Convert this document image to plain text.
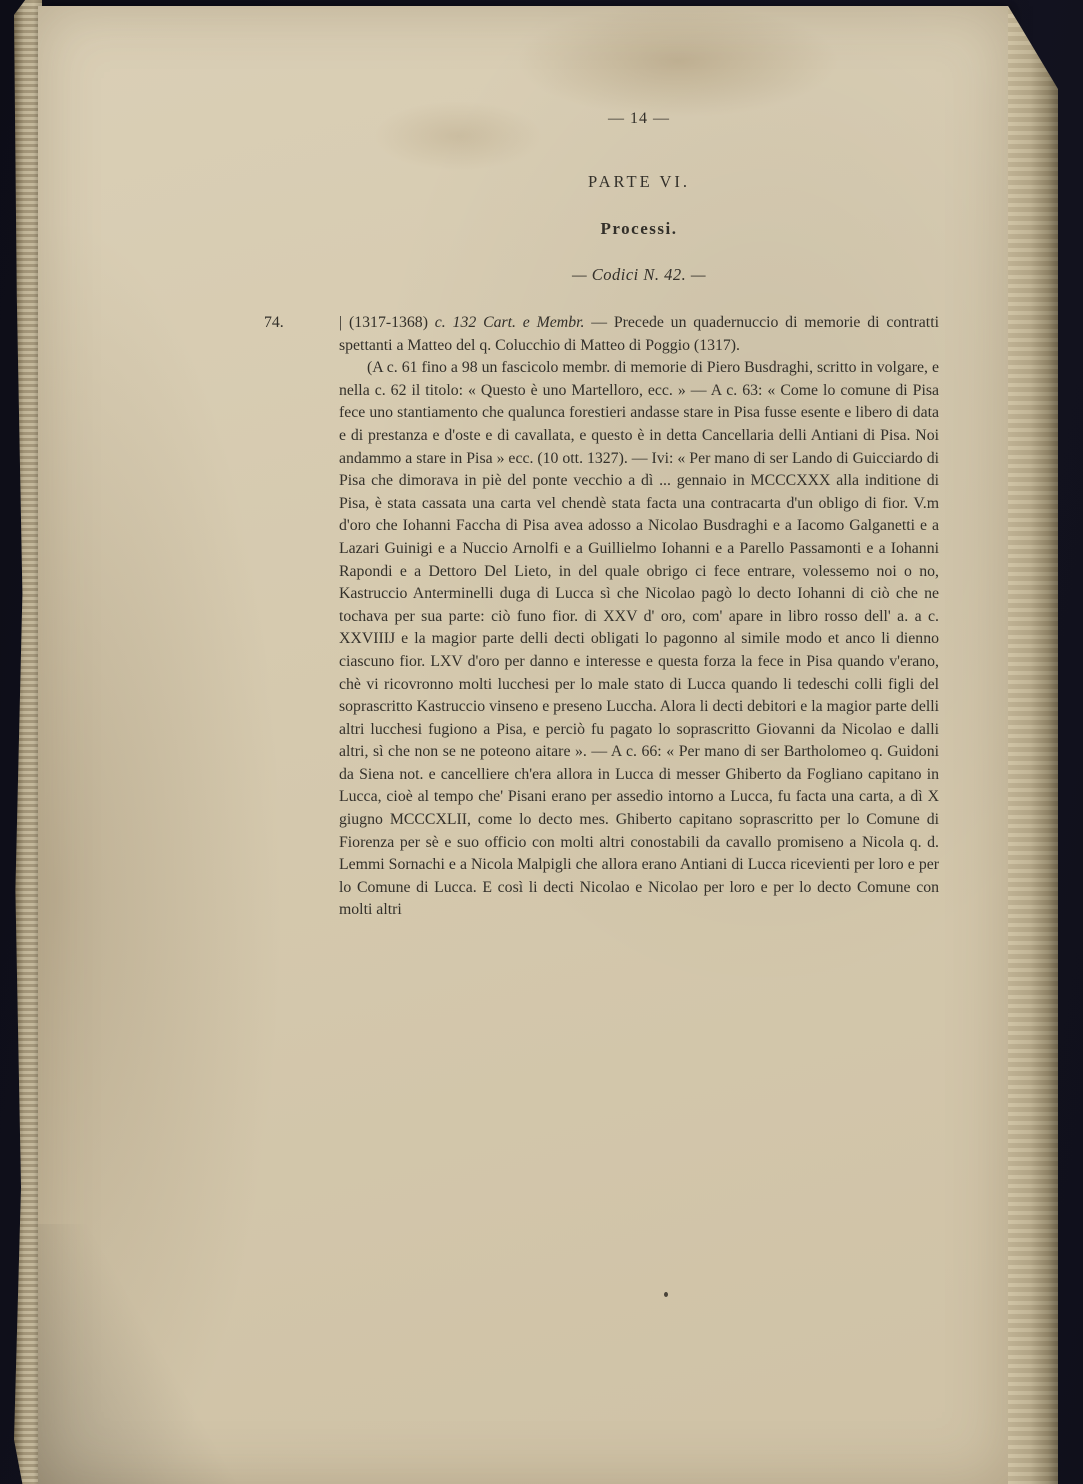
— 14 —
PARTE VI.
Processi.
— Codici N. 42. —
74.	| (1317-1368) c. 132 Cart. e Membr. — Precede un quadernuccio di memorie di contratti spettanti a Matteo del q. Colucchio di Matteo di Poggio (1317).

(A c. 61 fino a 98 un fascicolo membr. di memorie di Piero Busdraghi, scritto in volgare, e nella c. 62 il titolo: « Questo è uno Martelloro, ecc. » — A c. 63: « Come lo comune di Pisa fece uno stantiamento che qualunca forestieri andasse stare in Pisa fusse esente e libero di data e di prestanza e d'oste e di cavallata, e questo è in detta Cancellaria delli Antiani di Pisa. Noi andammo a stare in Pisa » ecc. (10 ott. 1327). — Ivi: « Per mano di ser Lando di Guicciardo di Pisa che dimorava in piè del ponte vecchio a dì ... gennaio in MCCCXXX alla inditione di Pisa, è stata cassata una carta vel chendè stata facta una contracarta d'un obligo di fior. V.m d'oro che Iohanni Faccha di Pisa avea adosso a Nicolao Busdraghi e a Iacomo Galganetti e a Lazari Guinigi e a Nuccio Arnolfi e a Guillielmo Iohanni e a Parello Passamonti e a Iohanni Rapondi e a Dettoro Del Lieto, in del quale obrigo ci fece entrare, volessemo noi o no, Kastruccio Anterminelli duga di Lucca sì che Nicolao pagò lo decto Iohanni di ciò che ne tochava per sua parte: ciò funo fior. di XXV d' oro, com' apare in libro rosso dell' a. a c. XXVIIIJ e la magior parte delli decti obligati lo pagonno al simile modo et anco li dienno ciascuno fior. LXV d'oro per danno e interesse e questa forza la fece in Pisa quando v'erano, chè vi ricovronno molti lucchesi per lo male stato di Lucca quando li tedeschi colli figli del soprascritto Kastruccio vinseno e preseno Luccha. Alora li decti debitori e la magior parte delli altri lucchesi fugiono a Pisa, e perciò fu pagato lo soprascritto Giovanni da Nicolao e dalli altri, sì che non se ne poteono aitare ». — A c. 66: « Per mano di ser Bartholomeo q. Guidoni da Siena not. e cancelliere ch'era allora in Lucca di messer Ghiberto da Fogliano capitano in Lucca, cioè al tempo che' Pisani erano per assedio intorno a Lucca, fu facta una carta, a dì X giugno MCCCXLII, come lo decto mes. Ghiberto capitano soprascritto per lo Comune di Fiorenza per sè e suo officio con molti altri conostabili da cavallo promiseno a Nicola q. d. Lemmi Sornachi e a Nicola Malpigli che allora erano Antiani di Lucca ricevienti per loro e per lo Comune di Lucca. E così li decti Nicolao e Nicolao per loro e per lo decto Comune con molti altri
